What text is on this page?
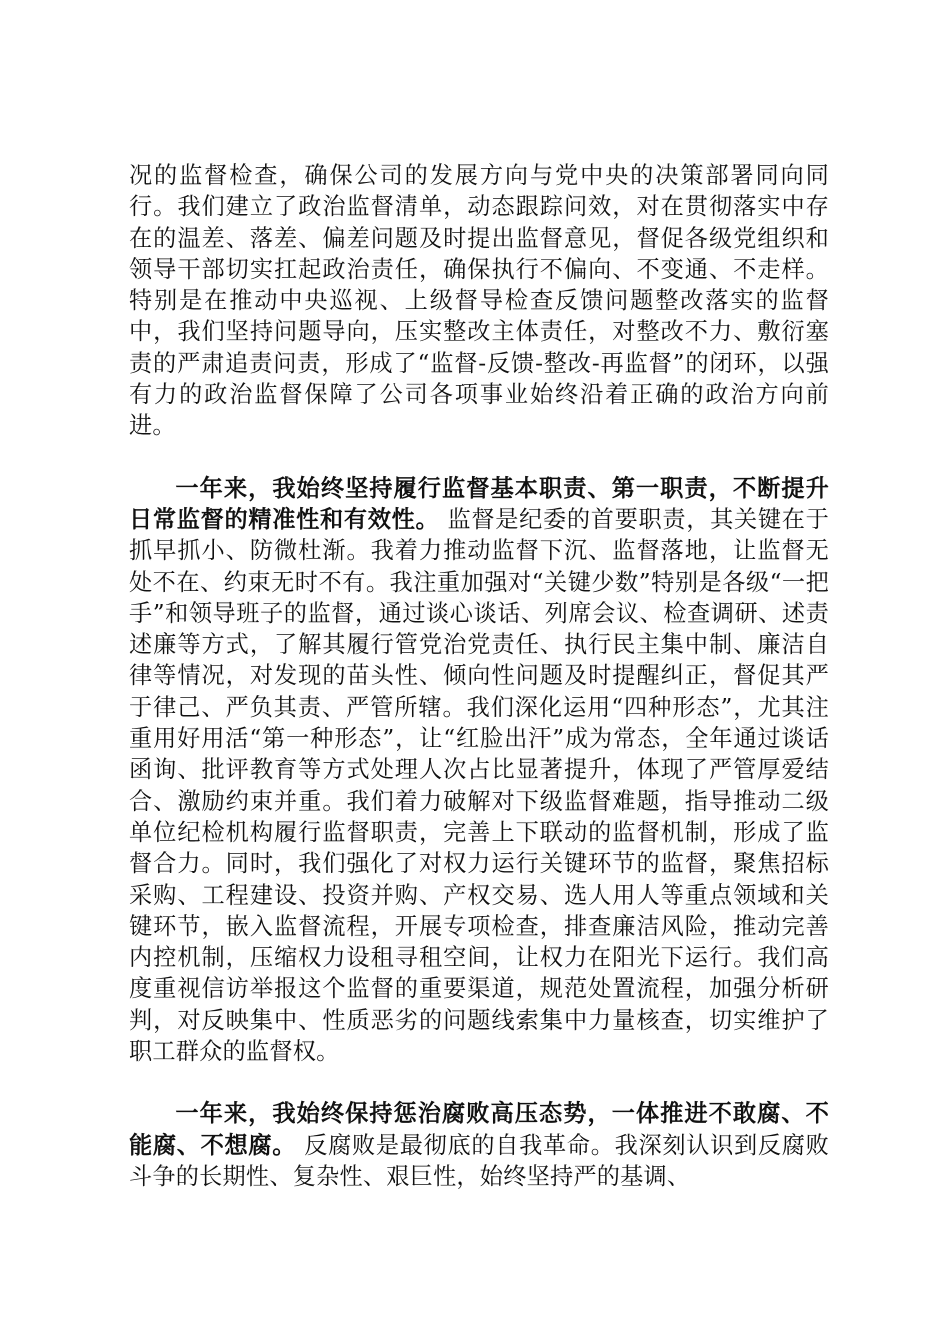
况的监督检查，确保公司的发展方向与党中央的决策部署同向同行。我们建立了政治监督清单，动态跟踪问效，对在贯彻落实中存在的温差、落差、偏差问题及时提出监督意见，督促各级党组织和领导干部切实扛起政治责任，确保执行不偏向、不变通、不走样。特别是在推动中央巡视、上级督导检查反馈问题整改落实的监督中，我们坚持问题导向，压实整改主体责任，对整改不力、敷衍塞责的严肃追责问责，形成了“监督-反馈-整改-再监督”的闭环，以强有力的政治监督保障了公司各项事业始终沿着正确的政治方向前进。

一年来，我始终坚持履行监督基本职责、第一职责，不断提升日常监督的精准性和有效性。 监督是纪委的首要职责，其关键在于抓早抓小、防微杜渐。我着力推动监督下沉、监督落地，让监督无处不在、约束无时不有。我注重加强对“关键少数”特别是各级“一把手”和领导班子的监督，通过谈心谈话、列席会议、检查调研、述责述廉等方式，了解其履行管党治党责任、执行民主集中制、廉洁自律等情况，对发现的苗头性、倾向性问题及时提醒纠正，督促其严于律己、严负其责、严管所辖。我们深化运用“四种形态”，尤其注重用好用活“第一种形态”，让“红脸出汗”成为常态，全年通过谈话函询、批评教育等方式处理人次占比显著提升，体现了严管厚爱结合、激励约束并重。我们着力破解对下级监督难题，指导推动二级单位纪检机构履行监督职责，完善上下联动的监督机制，形成了监督合力。同时，我们强化了对权力运行关键环节的监督，聚焦招标采购、工程建设、投资并购、产权交易、选人用人等重点领域和关键环节，嵌入监督流程，开展专项检查，排查廉洁风险，推动完善内控机制，压缩权力设租寻租空间，让权力在阳光下运行。我们高度重视信访举报这个监督的重要渠道，规范处置流程，加强分析研判，对反映集中、性质恶劣的问题线索集中力量核查，切实维护了职工群众的监督权。

一年来，我始终保持惩治腐败高压态势，一体推进不敢腐、不能腐、不想腐。 反腐败是最彻底的自我革命。我深刻认识到反腐败斗争的长期性、复杂性、艰巨性，始终坚持严的基调、
